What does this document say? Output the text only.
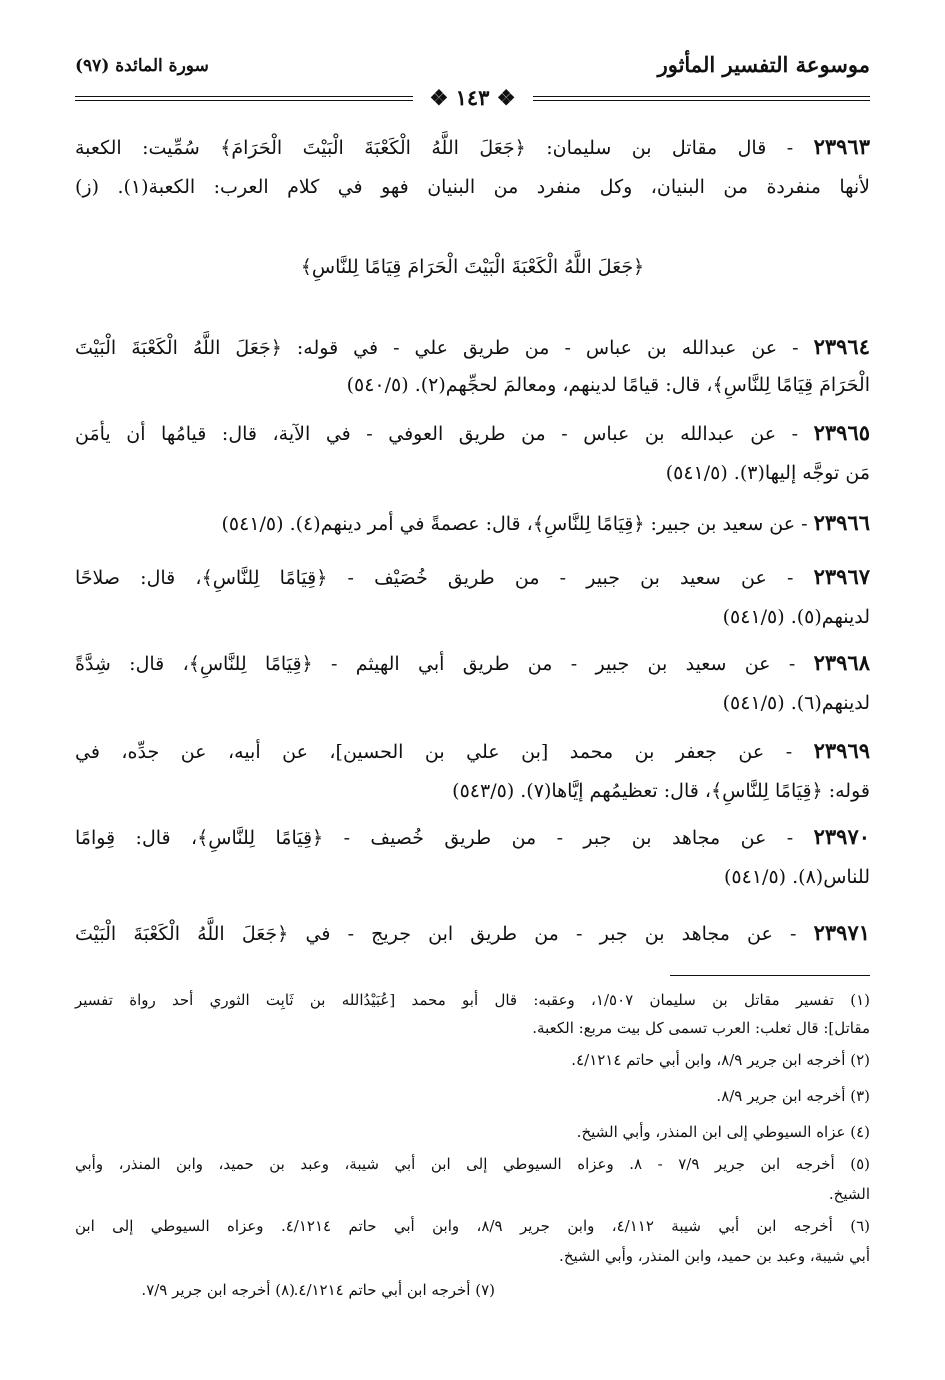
موسوعة التفسير المأثور
سورة المائدة (٩٧)
❖ ١٤٣ ❖
٢٣٩٦٣ - قال مقاتل بن سليمان: ﴿جَعَلَ اللَّهُ الْكَعْبَةَ الْبَيْتَ الْحَرَامَ﴾ سُمِّيت: الكعبة
لأنها منفردة من البنيان، وكل منفرد من البنيان فهو في كلام العرب: الكعبة(١). (ز)
﴿جَعَلَ اللَّهُ الْكَعْبَةَ الْبَيْتَ الْحَرَامَ قِيَامًا لِلنَّاسِ﴾
٢٣٩٦٤ - عن عبدالله بن عباس - من طريق علي - في قوله: ﴿جَعَلَ اللَّهُ الْكَعْبَةَ الْبَيْتَ
الْحَرَامَ قِيَامًا لِلنَّاسِ﴾، قال: قيامًا لدينهم، ومعالمَ لحجِّهم(٢). (٥٤٠/٥)
٢٣٩٦٥ - عن عبدالله بن عباس - من طريق العوفي - في الآية، قال: قيامُها أن يأمَن
مَن توجَّه إليها(٣). (٥٤١/٥)
٢٣٩٦٦ - عن سعيد بن جبير: ﴿قِيَامًا لِلنَّاسِ﴾، قال: عصمةً في أمر دينهم(٤). (٥٤١/٥)
٢٣٩٦٧ - عن سعيد بن جبير - من طريق خُصَيْف - ﴿قِيَامًا لِلنَّاسِ﴾، قال: صلاحًا
لدينهم(٥). (٥٤١/٥)
٢٣٩٦٨ - عن سعيد بن جبير - من طريق أبي الهيثم - ﴿قِيَامًا لِلنَّاسِ﴾، قال: شِدَّةً
لدينهم(٦). (٥٤١/٥)
٢٣٩٦٩ - عن جعفر بن محمد [بن علي بن الحسين]، عن أبيه، عن جدِّه، في
قوله: ﴿قِيَامًا لِلنَّاسِ﴾، قال: تعظيمُهم إيَّاها(٧). (٥٤٣/٥)
٢٣٩٧٠ - عن مجاهد بن جبر - من طريق خُصيف - ﴿قِيَامًا لِلنَّاسِ﴾، قال: قِوامًا
للناس(٨). (٥٤١/٥)
٢٣٩٧١ - عن مجاهد بن جبر - من طريق ابن جريج - في ﴿جَعَلَ اللَّهُ الْكَعْبَةَ الْبَيْتَ
(١) تفسير مقاتل بن سليمان ١/٥٠٧، وعقبه: قال أبو محمد [عُبَيْدُالله بن ثَابِت الثوري أحد رواة تفسير
مقاتل]: قال ثعلب: العرب تسمى كل بيت مربع: الكعبة.
(٢) أخرجه ابن جرير ٨/٩، وابن أبي حاتم ٤/١٢١٤.
(٣) أخرجه ابن جرير ٨/٩.
(٤) عزاه السيوطي إلى ابن المنذر، وأبي الشيخ.
(٥) أخرجه ابن جرير ٧/٩ - ٨. وعزاه السيوطي إلى ابن أبي شيبة، وعبد بن حميد، وابن المنذر، وأبي
الشيخ.
(٦) أخرجه ابن أبي شيبة ٤/١١٢، وابن جرير ٨/٩، وابن أبي حاتم ٤/١٢١٤. وعزاه السيوطي إلى ابن
أبي شيبة، وعبد بن حميد، وابن المنذر، وأبي الشيخ.
(٧) أخرجه ابن أبي حاتم ٤/١٢١٤.
(٨) أخرجه ابن جرير ٧/٩.
